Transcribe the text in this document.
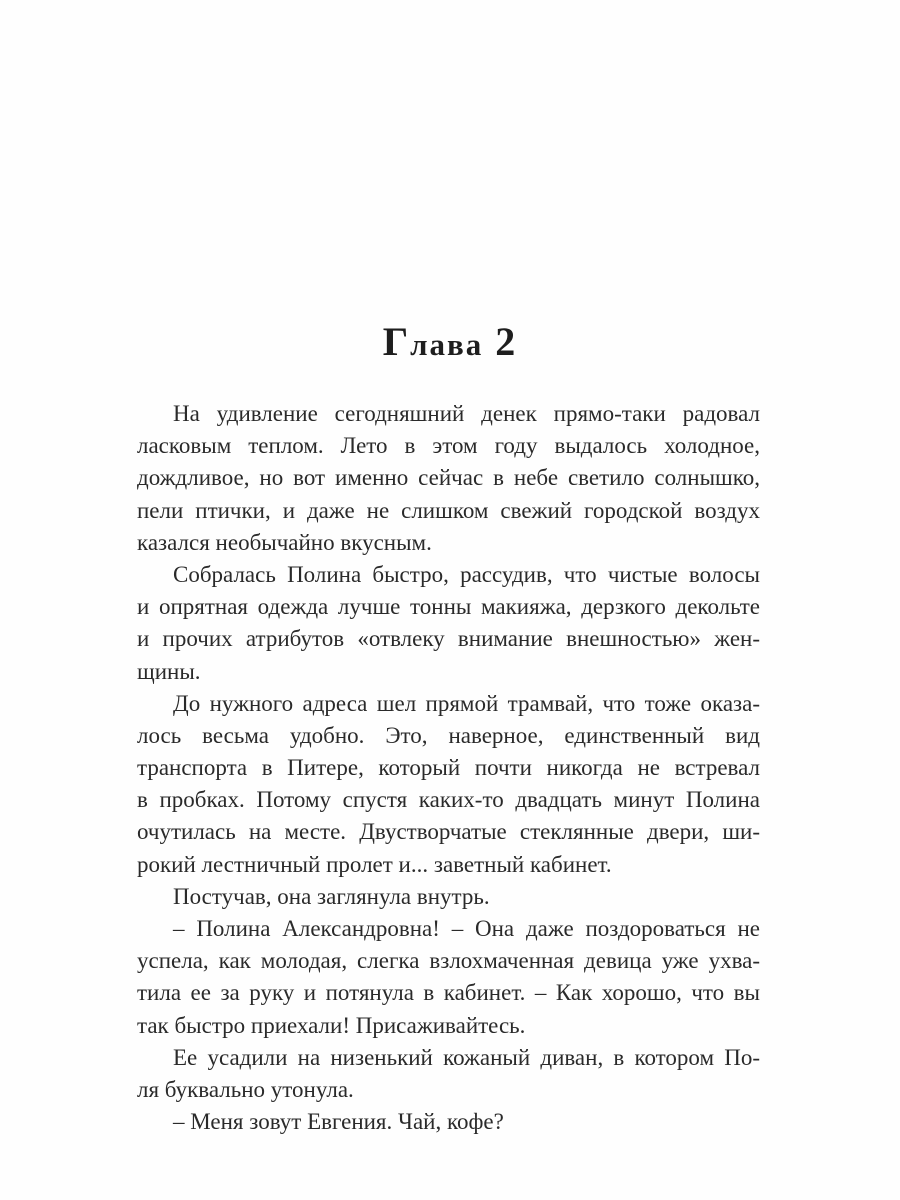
Глава 2
На удивление сегодняшний денек прямо-таки радовал
ласковым теплом. Лето в этом году выдалось холодное,
дождливое, но вот именно сейчас в небе светило солнышко,
пели птички, и даже не слишком свежий городской воздух
казался необычайно вкусным.
Собралась Полина быстро, рассудив, что чистые волосы
и опрятная одежда лучше тонны макияжа, дерзкого декольте
и прочих атрибутов «отвлеку внимание внешностью» жен-
щины.
До нужного адреса шел прямой трамвай, что тоже оказа-
лось весьма удобно. Это, наверное, единственный вид
транспорта в Питере, который почти никогда не встревал
в пробках. Потому спустя каких-то двадцать минут Полина
очутилась на месте. Двустворчатые стеклянные двери, ши-
рокий лестничный пролет и... заветный кабинет.
Постучав, она заглянула внутрь.
– Полина Александровна! – Она даже поздороваться не
успела, как молодая, слегка взлохмаченная девица уже ухва-
тила ее за руку и потянула в кабинет. – Как хорошо, что вы
так быстро приехали! Присаживайтесь.
Ее усадили на низенький кожаный диван, в котором По-
ля буквально утонула.
– Меня зовут Евгения. Чай, кофе?
